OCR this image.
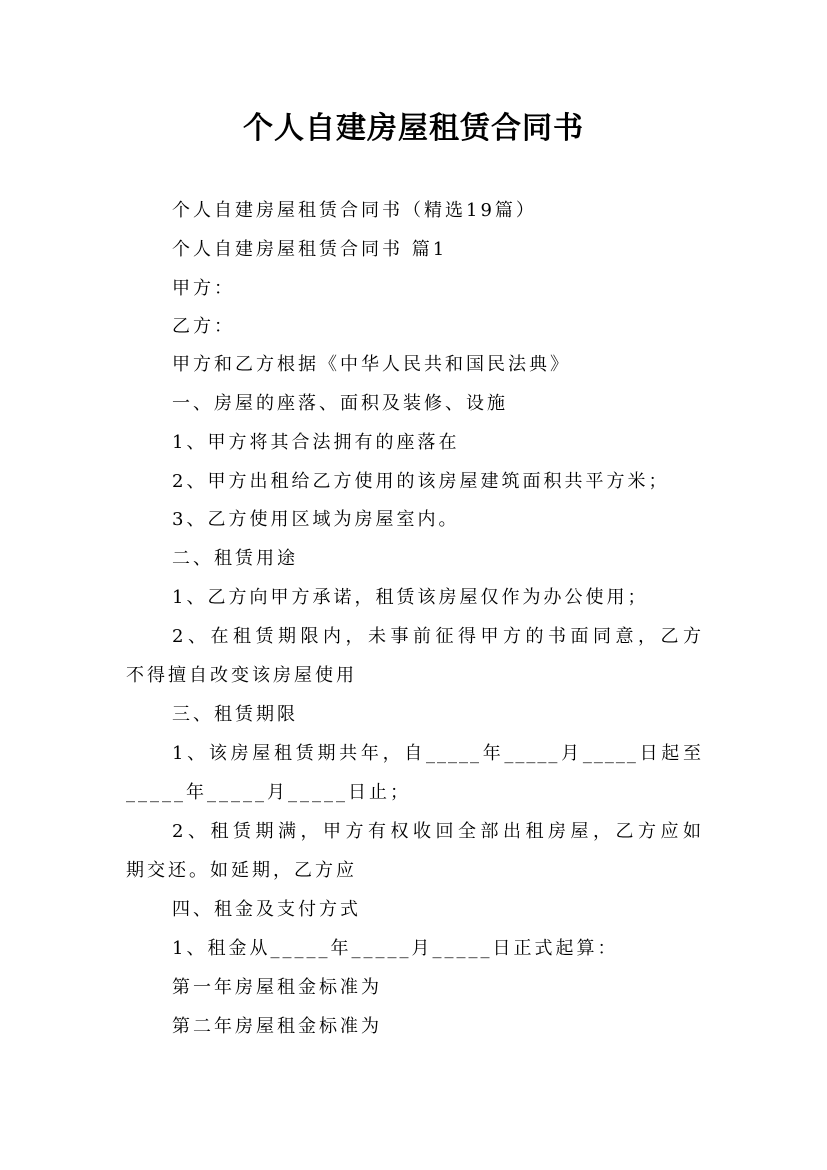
个人自建房屋租赁合同书
个人自建房屋租赁合同书（精选19篇）
个人自建房屋租赁合同书 篇1
甲方：
乙方：
甲方和乙方根据《中华人民共和国民法典》
一、房屋的座落、面积及装修、设施
1、甲方将其合法拥有的座落在
2、甲方出租给乙方使用的该房屋建筑面积共平方米；
3、乙方使用区域为房屋室内。
二、租赁用途
1、乙方向甲方承诺，租赁该房屋仅作为办公使用；
2、在租赁期限内，未事前征得甲方的书面同意，乙方
不得擅自改变该房屋使用
三、租赁期限
1、该房屋租赁期共年，自_____年_____月_____日起至
_____年_____月_____日止；
2、租赁期满，甲方有权收回全部出租房屋，乙方应如
期交还。如延期，乙方应
四、租金及支付方式
1、租金从_____年_____月_____日正式起算：
第一年房屋租金标准为
第二年房屋租金标准为
